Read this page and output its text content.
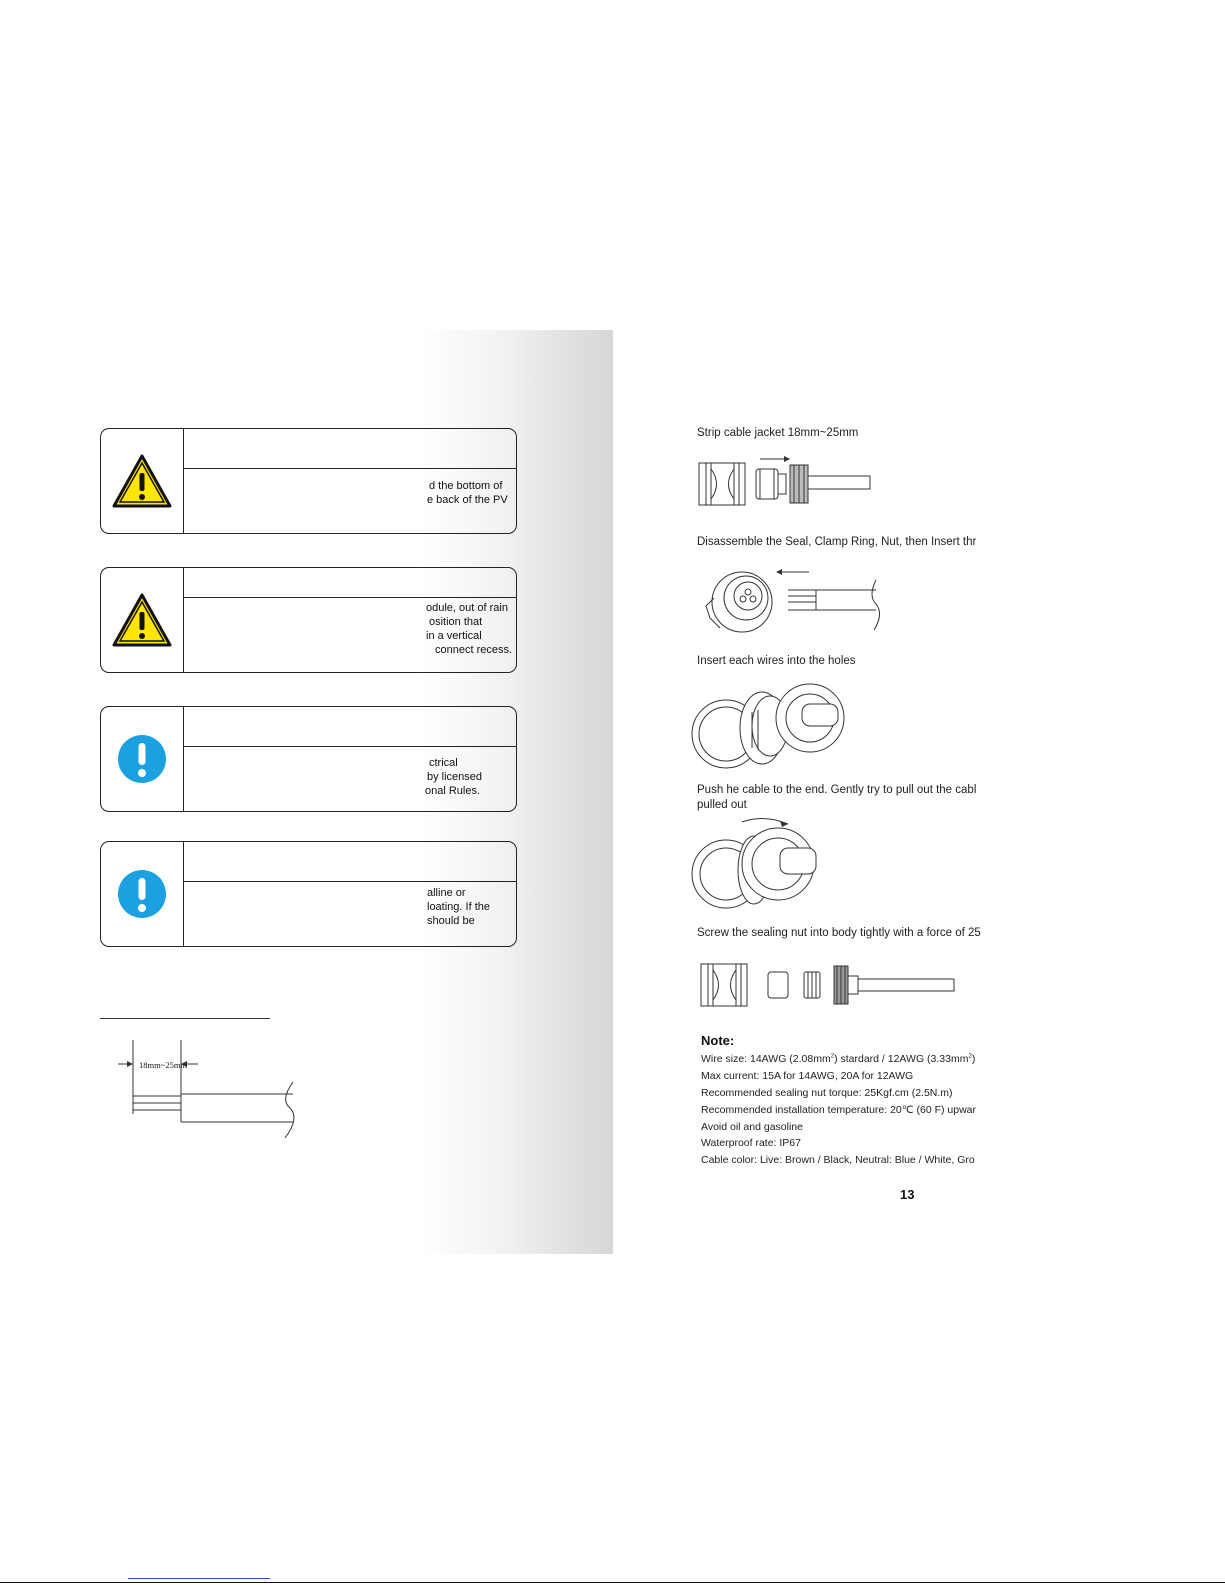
d the bottom of
e back of the PV
odule, out of rain
osition that
in a vertical
connect recess.
ctrical
by licensed
onal Rules.
alline or
loating. If the
should be
18mm~25mm
Strip cable jacket 18mm~25mm
Disassemble the Seal, Clamp Ring, Nut, then Insert thr
Insert each wires into the holes
Push he cable to the end. Gently try to pull out the cabl
pulled out
Screw the sealing nut into body tightly with a force of 25
Note:
Wire size: 14AWG $(2.08mm^2)$ stardard / 12AWG $(3.33mm^2)$
Max current: 15A for 14AWG, 20A for 12AWG
Recommended sealing nut torque: 25Kgf.cm (2.5N.m)
Recommended installation temperature: 20℃ (60 F) upwar
Avoid oil and gasoline
Waterproof rate: IP67
Cable color: Live: Brown / Black, Neutral: Blue / White, Gro
13
